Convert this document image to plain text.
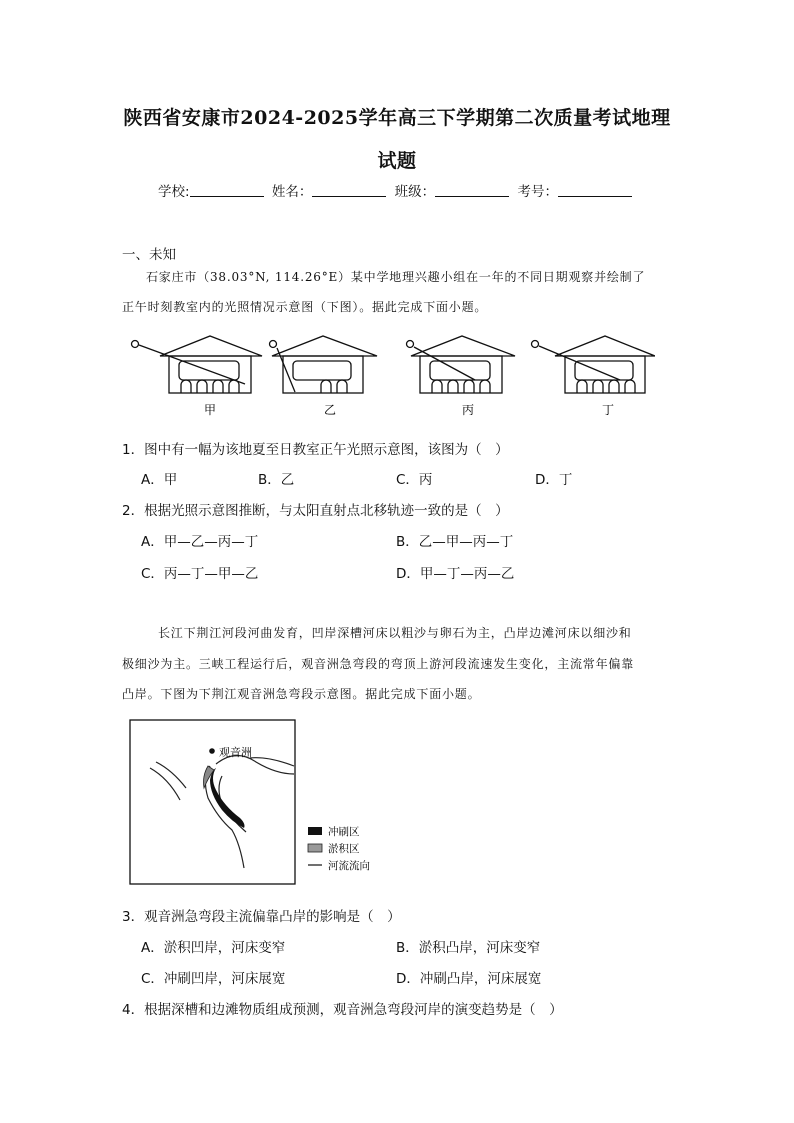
陕西省安康市2024-2025学年高三下学期第二次质量考试地理
试题
学校:	姓名：	班级：	考号：
一、未知
石家庄市（38.03°N, 114.26°E）某中学地理兴趣小组在一年的不同日期观察并绘制了
正午时刻教室内的光照情况示意图（下图）。据此完成下面小题。
甲	乙	丙	丁
1．图中有一幅为该地夏至日教室正午光照示意图，该图为（　）
A．甲	B．乙	C．丙	D．丁
2．根据光照示意图推断，与太阳直射点北移轨迹一致的是（　）
A．甲—乙—丙—丁	B．乙—甲—丙—丁
C．丙—丁—甲—乙	D．甲—丁—丙—乙
长江下荆江河段河曲发育，凹岸深槽河床以粗沙与卵石为主，凸岸边滩河床以细沙和
极细沙为主。三峡工程运行后，观音洲急弯段的弯顶上游河段流速发生变化，主流常年偏靠
凸岸。下图为下荆江观音洲急弯段示意图。据此完成下面小题。
观音洲
冲刷区
淤积区
河流流向
3．观音洲急弯段主流偏靠凸岸的影响是（　）
A．淤积凹岸，河床变窄	B．淤积凸岸，河床变窄
C．冲刷凹岸，河床展宽	D．冲刷凸岸，河床展宽
4．根据深槽和边滩物质组成预测，观音洲急弯段河岸的演变趋势是（　）
